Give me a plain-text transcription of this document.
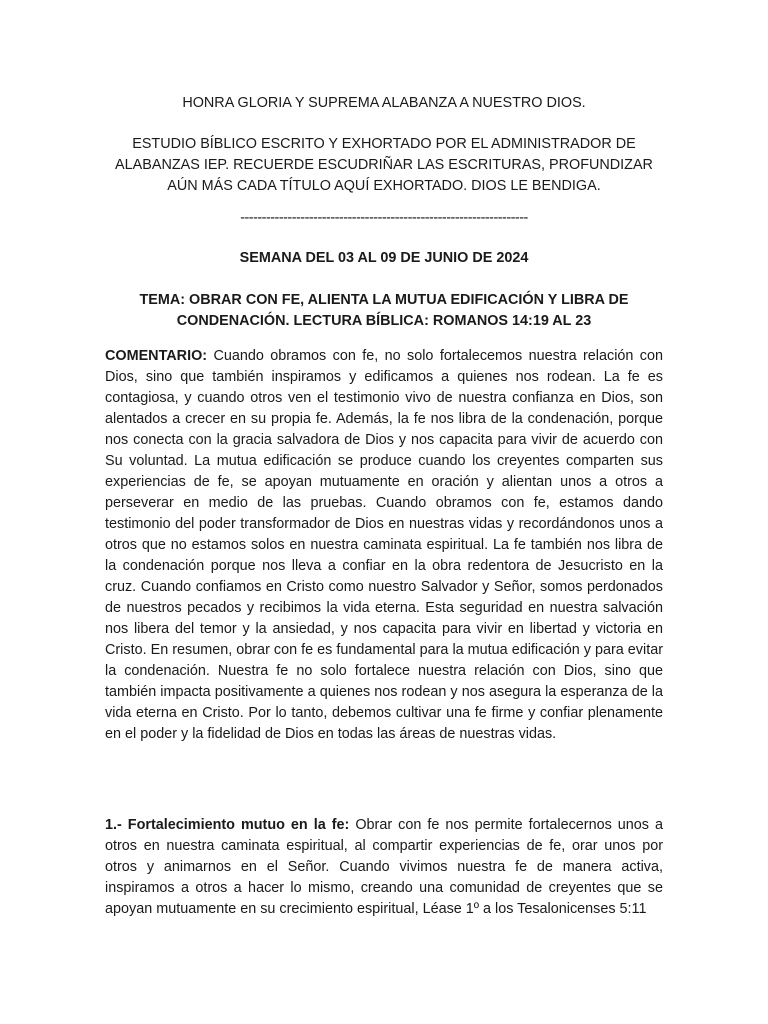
HONRA GLORIA Y SUPREMA ALABANZA A NUESTRO DIOS.
ESTUDIO BÍBLICO ESCRITO Y EXHORTADO POR EL ADMINISTRADOR DE ALABANZAS IEP. RECUERDE ESCUDRIÑAR LAS ESCRITURAS, PROFUNDIZAR AÚN MÁS CADA TÍTULO AQUÍ EXHORTADO. DIOS LE BENDIGA.
-------------------------------------------------------------------
SEMANA DEL 03 AL 09 DE JUNIO DE 2024
TEMA: OBRAR CON FE, ALIENTA LA MUTUA EDIFICACIÓN Y LIBRA DE CONDENACIÓN. LECTURA BÍBLICA: ROMANOS 14:19 AL 23
COMENTARIO: Cuando obramos con fe, no solo fortalecemos nuestra relación con Dios, sino que también inspiramos y edificamos a quienes nos rodean. La fe es contagiosa, y cuando otros ven el testimonio vivo de nuestra confianza en Dios, son alentados a crecer en su propia fe. Además, la fe nos libra de la condenación, porque nos conecta con la gracia salvadora de Dios y nos capacita para vivir de acuerdo con Su voluntad. La mutua edificación se produce cuando los creyentes comparten sus experiencias de fe, se apoyan mutuamente en oración y alientan unos a otros a perseverar en medio de las pruebas. Cuando obramos con fe, estamos dando testimonio del poder transformador de Dios en nuestras vidas y recordándonos unos a otros que no estamos solos en nuestra caminata espiritual. La fe también nos libra de la condenación porque nos lleva a confiar en la obra redentora de Jesucristo en la cruz. Cuando confiamos en Cristo como nuestro Salvador y Señor, somos perdonados de nuestros pecados y recibimos la vida eterna. Esta seguridad en nuestra salvación nos libera del temor y la ansiedad, y nos capacita para vivir en libertad y victoria en Cristo. En resumen, obrar con fe es fundamental para la mutua edificación y para evitar la condenación. Nuestra fe no solo fortalece nuestra relación con Dios, sino que también impacta positivamente a quienes nos rodean y nos asegura la esperanza de la vida eterna en Cristo. Por lo tanto, debemos cultivar una fe firme y confiar plenamente en el poder y la fidelidad de Dios en todas las áreas de nuestras vidas.
1.- Fortalecimiento mutuo en la fe: Obrar con fe nos permite fortalecernos unos a otros en nuestra caminata espiritual, al compartir experiencias de fe, orar unos por otros y animarnos en el Señor. Cuando vivimos nuestra fe de manera activa, inspiramos a otros a hacer lo mismo, creando una comunidad de creyentes que se apoyan mutuamente en su crecimiento espiritual, Léase 1º a los Tesalonicenses 5:11
